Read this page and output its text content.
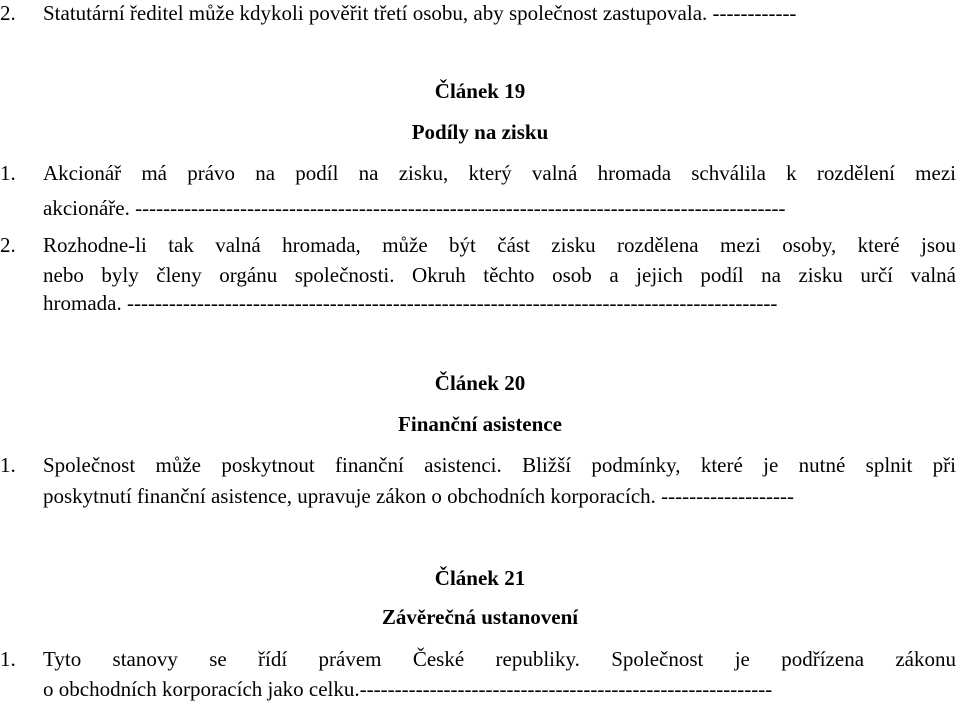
2. Statutární ředitel může kdykoli pověřit třetí osobu, aby společnost zastupovala. ------------
Článek 19
Podíly na zisku
1.	Akcionář má právo na podíl na zisku, který valná hromada schválila k rozdělení mezi
akcionáře. ---------------------------------------------------------------------------------------------
2.	Rozhodne-li tak valná hromada, může být část zisku rozdělena mezi osoby, které jsou
nebo byly členy orgánu společnosti. Okruh těchto osob a jejich podíl na zisku určí valná
hromada. ---------------------------------------------------------------------------------------------
Článek 20
Finanční asistence
1.	Společnost může poskytnout finanční asistenci. Bližší podmínky, které je nutné splnit při
poskytnutí finanční asistence, upravuje zákon o obchodních korporacích. -------------------
Článek 21
Závěrečná ustanovení
1.	Tyto stanovy se řídí právem České republiky. Společnost je podřízena zákonu
o obchodních korporacích jako celku.-----------------------------------------------------------
